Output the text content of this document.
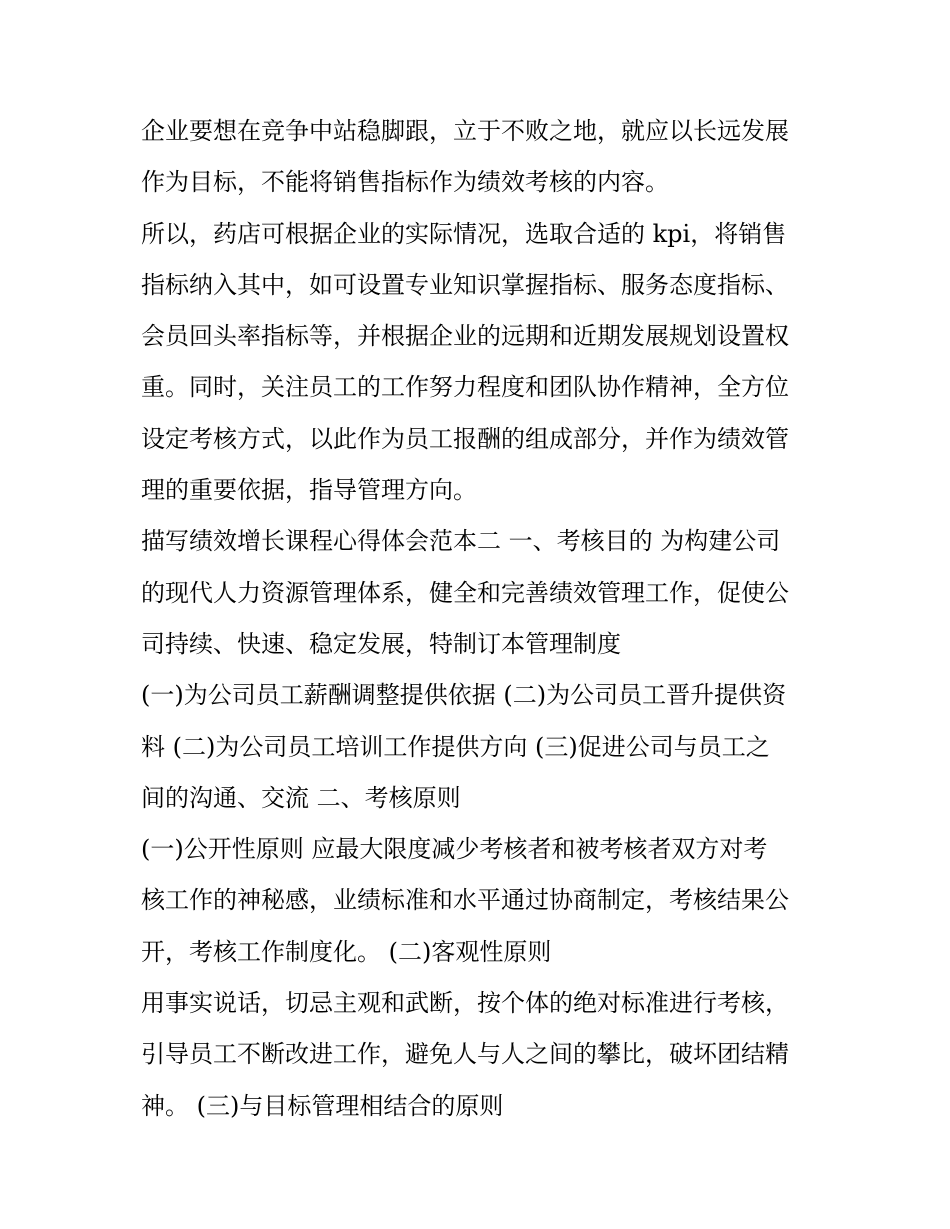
企业要想在竞争中站稳脚跟，立于不败之地，就应以长远发展
作为目标，不能将销售指标作为绩效考核的内容。
所以，药店可根据企业的实际情况，选取合适的 kpi，将销售
指标纳入其中，如可设置专业知识掌握指标、服务态度指标、
会员回头率指标等，并根据企业的远期和近期发展规划设置权
重。同时，关注员工的工作努力程度和团队协作精神，全方位
设定考核方式，以此作为员工报酬的组成部分，并作为绩效管
理的重要依据，指导管理方向。
描写绩效增长课程心得体会范本二 一、考核目的 为构建公司
的现代人力资源管理体系，健全和完善绩效管理工作，促使公
司持续、快速、稳定发展，特制订本管理制度
(一)为公司员工薪酬调整提供依据 (二)为公司员工晋升提供资
料 (二)为公司员工培训工作提供方向 (三)促进公司与员工之
间的沟通、交流 二、考核原则
(一)公开性原则 应最大限度减少考核者和被考核者双方对考
核工作的神秘感，业绩标准和水平通过协商制定，考核结果公
开，考核工作制度化。 (二)客观性原则
用事实说话，切忌主观和武断，按个体的绝对标准进行考核，
引导员工不断改进工作，避免人与人之间的攀比，破坏团结精
神。 (三)与目标管理相结合的原则
